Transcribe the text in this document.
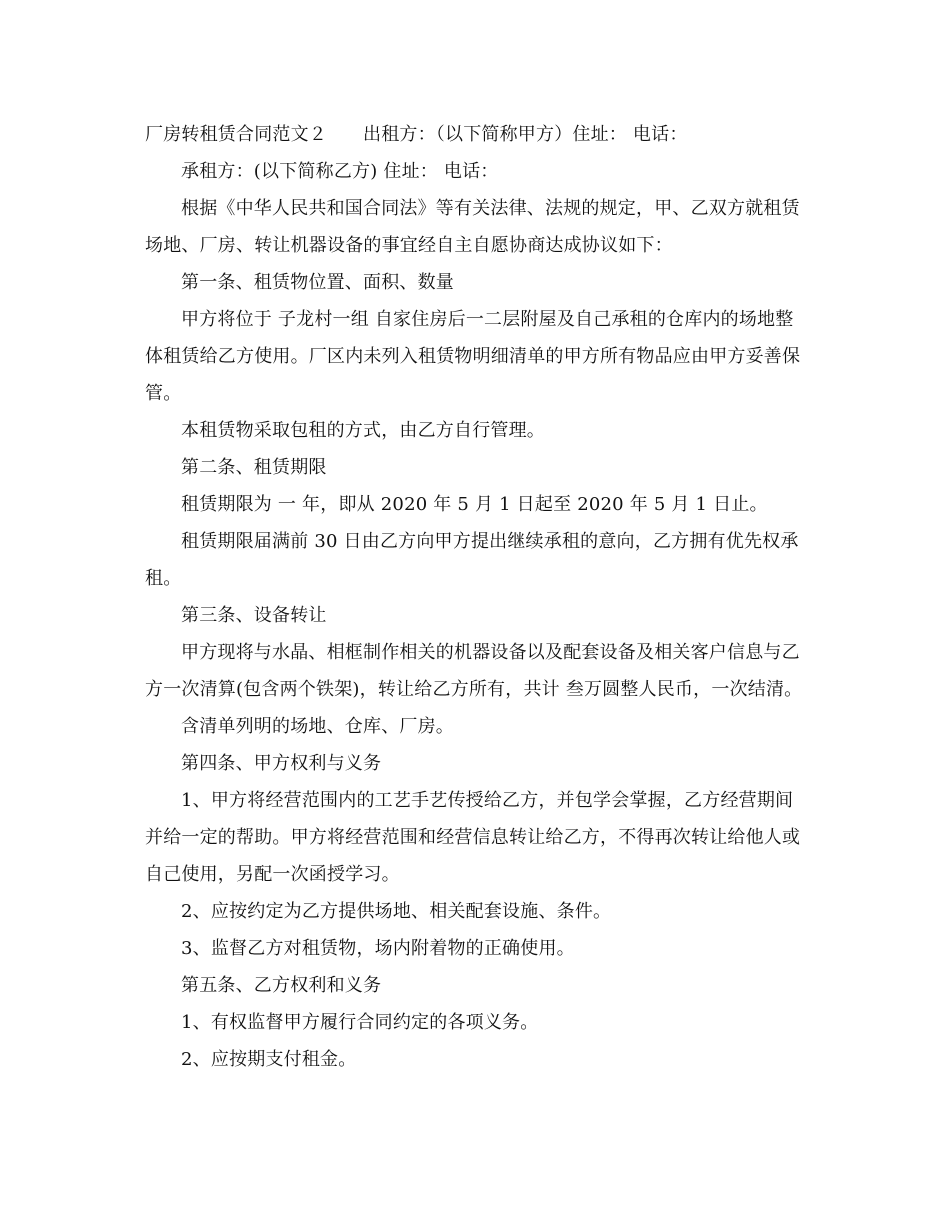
厂房转租赁合同范文２ 出租方：（以下简称甲方）住址： 电话：

承租方：(以下简称乙方) 住址： 电话：

根据《中华人民共和国合同法》等有关法律、法规的规定，甲、乙双方就租赁场地、厂房、转让机器设备的事宜经自主自愿协商达成协议如下：

第一条、租赁物位置、面积、数量

甲方将位于 子龙村一组 自家住房后一二层附屋及自己承租的仓库内的场地整体租赁给乙方使用。厂区内未列入租赁物明细清单的甲方所有物品应由甲方妥善保管。

本租赁物采取包租的方式，由乙方自行管理。

第二条、租赁期限

租赁期限为 一 年，即从 2020 年 5 月 1 日起至 2020 年 5 月 1 日止。

租赁期限届满前 30 日由乙方向甲方提出继续承租的意向，乙方拥有优先权承租。

第三条、设备转让

甲方现将与水晶、相框制作相关的机器设备以及配套设备及相关客户信息与乙方一次清算(包含两个铁架)，转让给乙方所有，共计 叁万圆整人民币，一次结清。

含清单列明的场地、仓库、厂房。

第四条、甲方权利与义务

1、甲方将经营范围内的工艺手艺传授给乙方，并包学会掌握，乙方经营期间并给一定的帮助。甲方将经营范围和经营信息转让给乙方，不得再次转让给他人或自己使用，另配一次函授学习。

2、应按约定为乙方提供场地、相关配套设施、条件。

3、监督乙方对租赁物，场内附着物的正确使用。

第五条、乙方权利和义务

1、有权监督甲方履行合同约定的各项义务。

2、应按期支付租金。
